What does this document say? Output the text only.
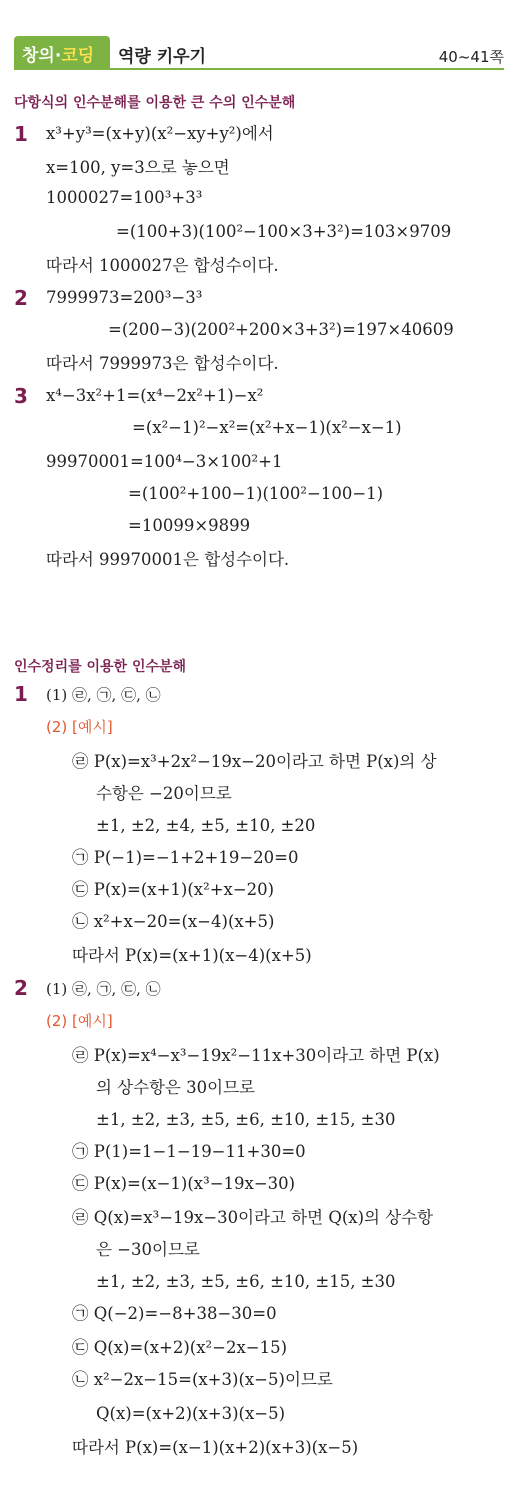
창의·코딩 역량 키우기	40~41쪽
다항식의 인수분해를 이용한 큰 수의 인수분해
1 x³+y³=(x+y)(x²−xy+y²)에서
x=100, y=3으로 놓으면
1000027=100³+3³
=(100+3)(100²−100×3+3²)=103×9709
따라서 1000027은 합성수이다.
2 7999973=200³−3³
=(200−3)(200²+200×3+3²)=197×40609
따라서 7999973은 합성수이다.
3 x⁴−3x²+1=(x⁴−2x²+1)−x²
=(x²−1)²−x²=(x²+x−1)(x²−x−1)
99970001=100⁴−3×100²+1
=(100²+100−1)(100²−100−1)
=10099×9899
따라서 99970001은 합성수이다.
인수정리를 이용한 인수분해
1 (1) ㉣, ㉠, ㉢, ㉡
(2) [예시]
㉣ P(x)=x³+2x²−19x−20이라고 하면 P(x)의 상
수항은 −20이므로
±1, ±2, ±4, ±5, ±10, ±20
㉠ P(−1)=−1+2+19−20=0
㉢ P(x)=(x+1)(x²+x−20)
㉡ x²+x−20=(x−4)(x+5)
따라서 P(x)=(x+1)(x−4)(x+5)
2 (1) ㉣, ㉠, ㉢, ㉡
(2) [예시]
㉣ P(x)=x⁴−x³−19x²−11x+30이라고 하면 P(x)
의 상수항은 30이므로
±1, ±2, ±3, ±5, ±6, ±10, ±15, ±30
㉠ P(1)=1−1−19−11+30=0
㉢ P(x)=(x−1)(x³−19x−30)
㉣ Q(x)=x³−19x−30이라고 하면 Q(x)의 상수항
은 −30이므로
±1, ±2, ±3, ±5, ±6, ±10, ±15, ±30
㉠ Q(−2)=−8+38−30=0
㉢ Q(x)=(x+2)(x²−2x−15)
㉡ x²−2x−15=(x+3)(x−5)이므로
Q(x)=(x+2)(x+3)(x−5)
따라서 P(x)=(x−1)(x+2)(x+3)(x−5)
